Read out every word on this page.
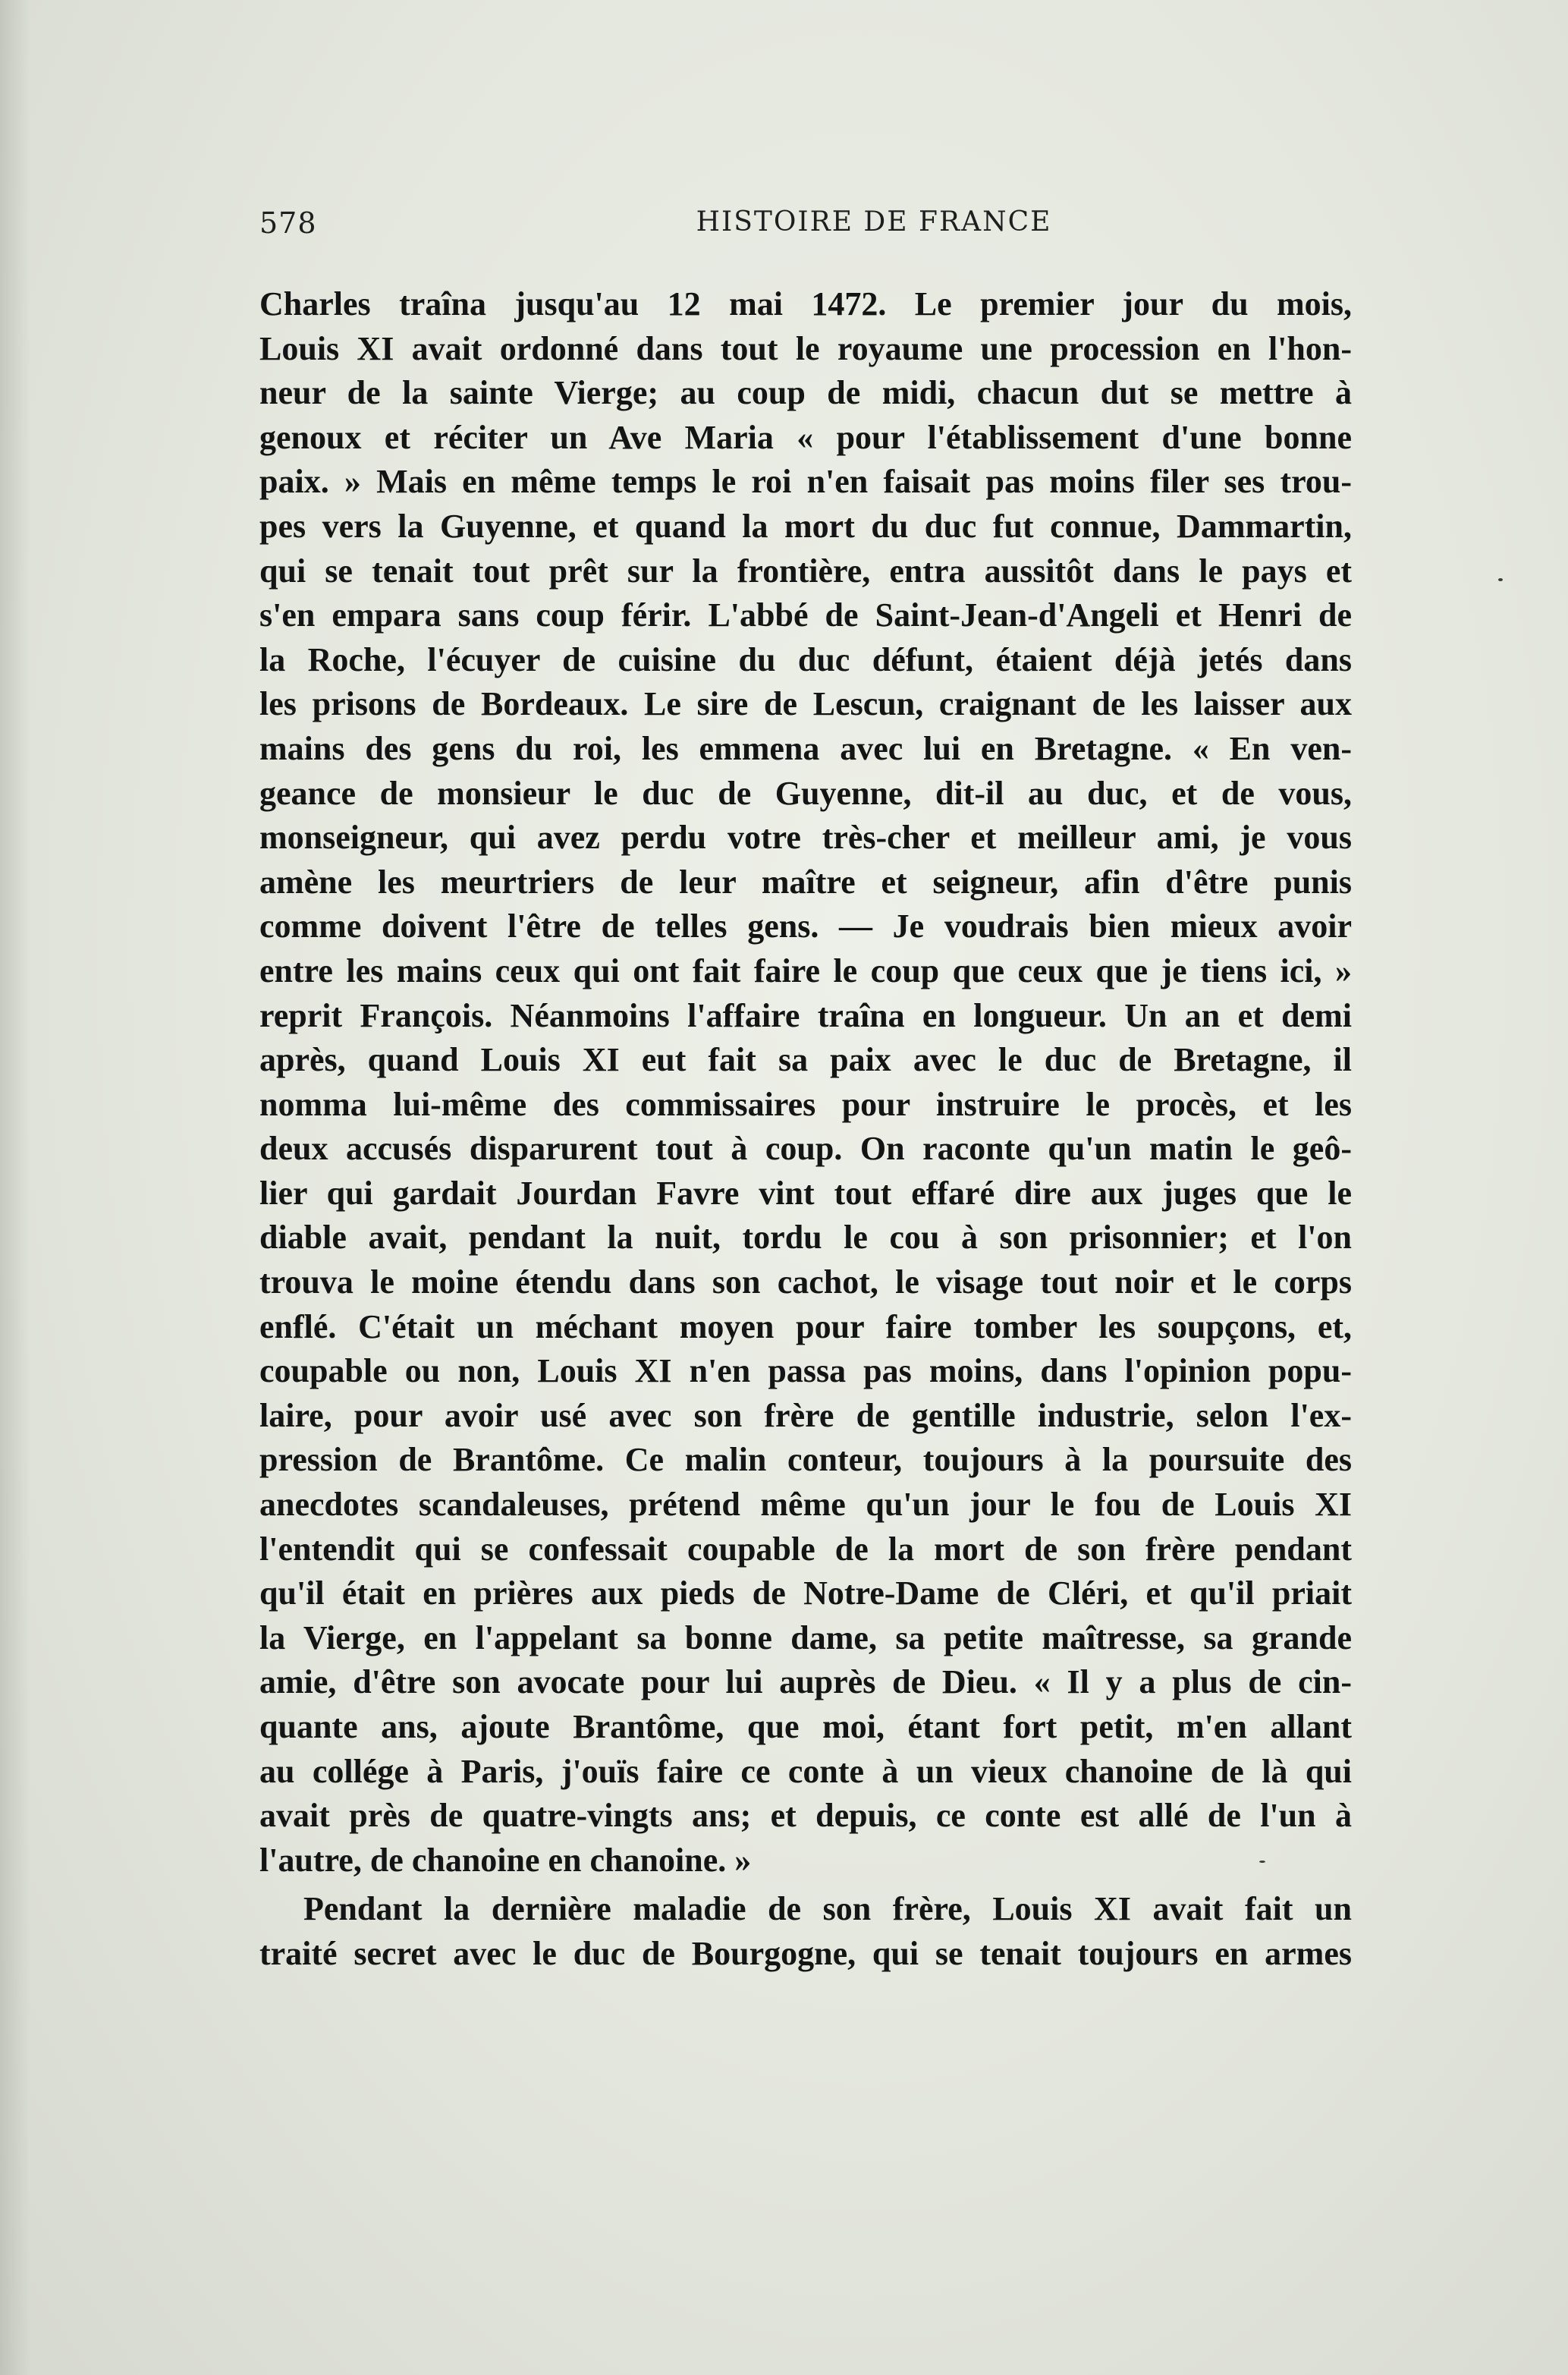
578	HISTOIRE DE FRANCE
Charles traîna jusqu'au 12 mai 1472. Le premier jour du mois,
Louis XI avait ordonné dans tout le royaume une procession en l'hon-
neur de la sainte Vierge; au coup de midi, chacun dut se mettre à
genoux et réciter un Ave Maria « pour l'établissement d'une bonne
paix. » Mais en même temps le roi n'en faisait pas moins filer ses trou-
pes vers la Guyenne, et quand la mort du duc fut connue, Dammartin,
qui se tenait tout prêt sur la frontière, entra aussitôt dans le pays et
s'en empara sans coup férir. L'abbé de Saint-Jean-d'Angeli et Henri de
la Roche, l'écuyer de cuisine du duc défunt, étaient déjà jetés dans
les prisons de Bordeaux. Le sire de Lescun, craignant de les laisser aux
mains des gens du roi, les emmena avec lui en Bretagne. « En ven-
geance de monsieur le duc de Guyenne, dit-il au duc, et de vous,
monseigneur, qui avez perdu votre très-cher et meilleur ami, je vous
amène les meurtriers de leur maître et seigneur, afin d'être punis
comme doivent l'être de telles gens. — Je voudrais bien mieux avoir
entre les mains ceux qui ont fait faire le coup que ceux que je tiens ici, »
reprit François. Néanmoins l'affaire traîna en longueur. Un an et demi
après, quand Louis XI eut fait sa paix avec le duc de Bretagne, il
nomma lui-même des commissaires pour instruire le procès, et les
deux accusés disparurent tout à coup. On raconte qu'un matin le geô-
lier qui gardait Jourdan Favre vint tout effaré dire aux juges que le
diable avait, pendant la nuit, tordu le cou à son prisonnier; et l'on
trouva le moine étendu dans son cachot, le visage tout noir et le corps
enflé. C'était un méchant moyen pour faire tomber les soupçons, et,
coupable ou non, Louis XI n'en passa pas moins, dans l'opinion popu-
laire, pour avoir usé avec son frère de gentille industrie, selon l'ex-
pression de Brantôme. Ce malin conteur, toujours à la poursuite des
anecdotes scandaleuses, prétend même qu'un jour le fou de Louis XI
l'entendit qui se confessait coupable de la mort de son frère pendant
qu'il était en prières aux pieds de Notre-Dame de Cléri, et qu'il priait
la Vierge, en l'appelant sa bonne dame, sa petite maîtresse, sa grande
amie, d'être son avocate pour lui auprès de Dieu. « Il y a plus de cin-
quante ans, ajoute Brantôme, que moi, étant fort petit, m'en allant
au collége à Paris, j'ouïs faire ce conte à un vieux chanoine de là qui
avait près de quatre-vingts ans; et depuis, ce conte est allé de l'un à
l'autre, de chanoine en chanoine. »
Pendant la dernière maladie de son frère, Louis XI avait fait un
traité secret avec le duc de Bourgogne, qui se tenait toujours en armes
